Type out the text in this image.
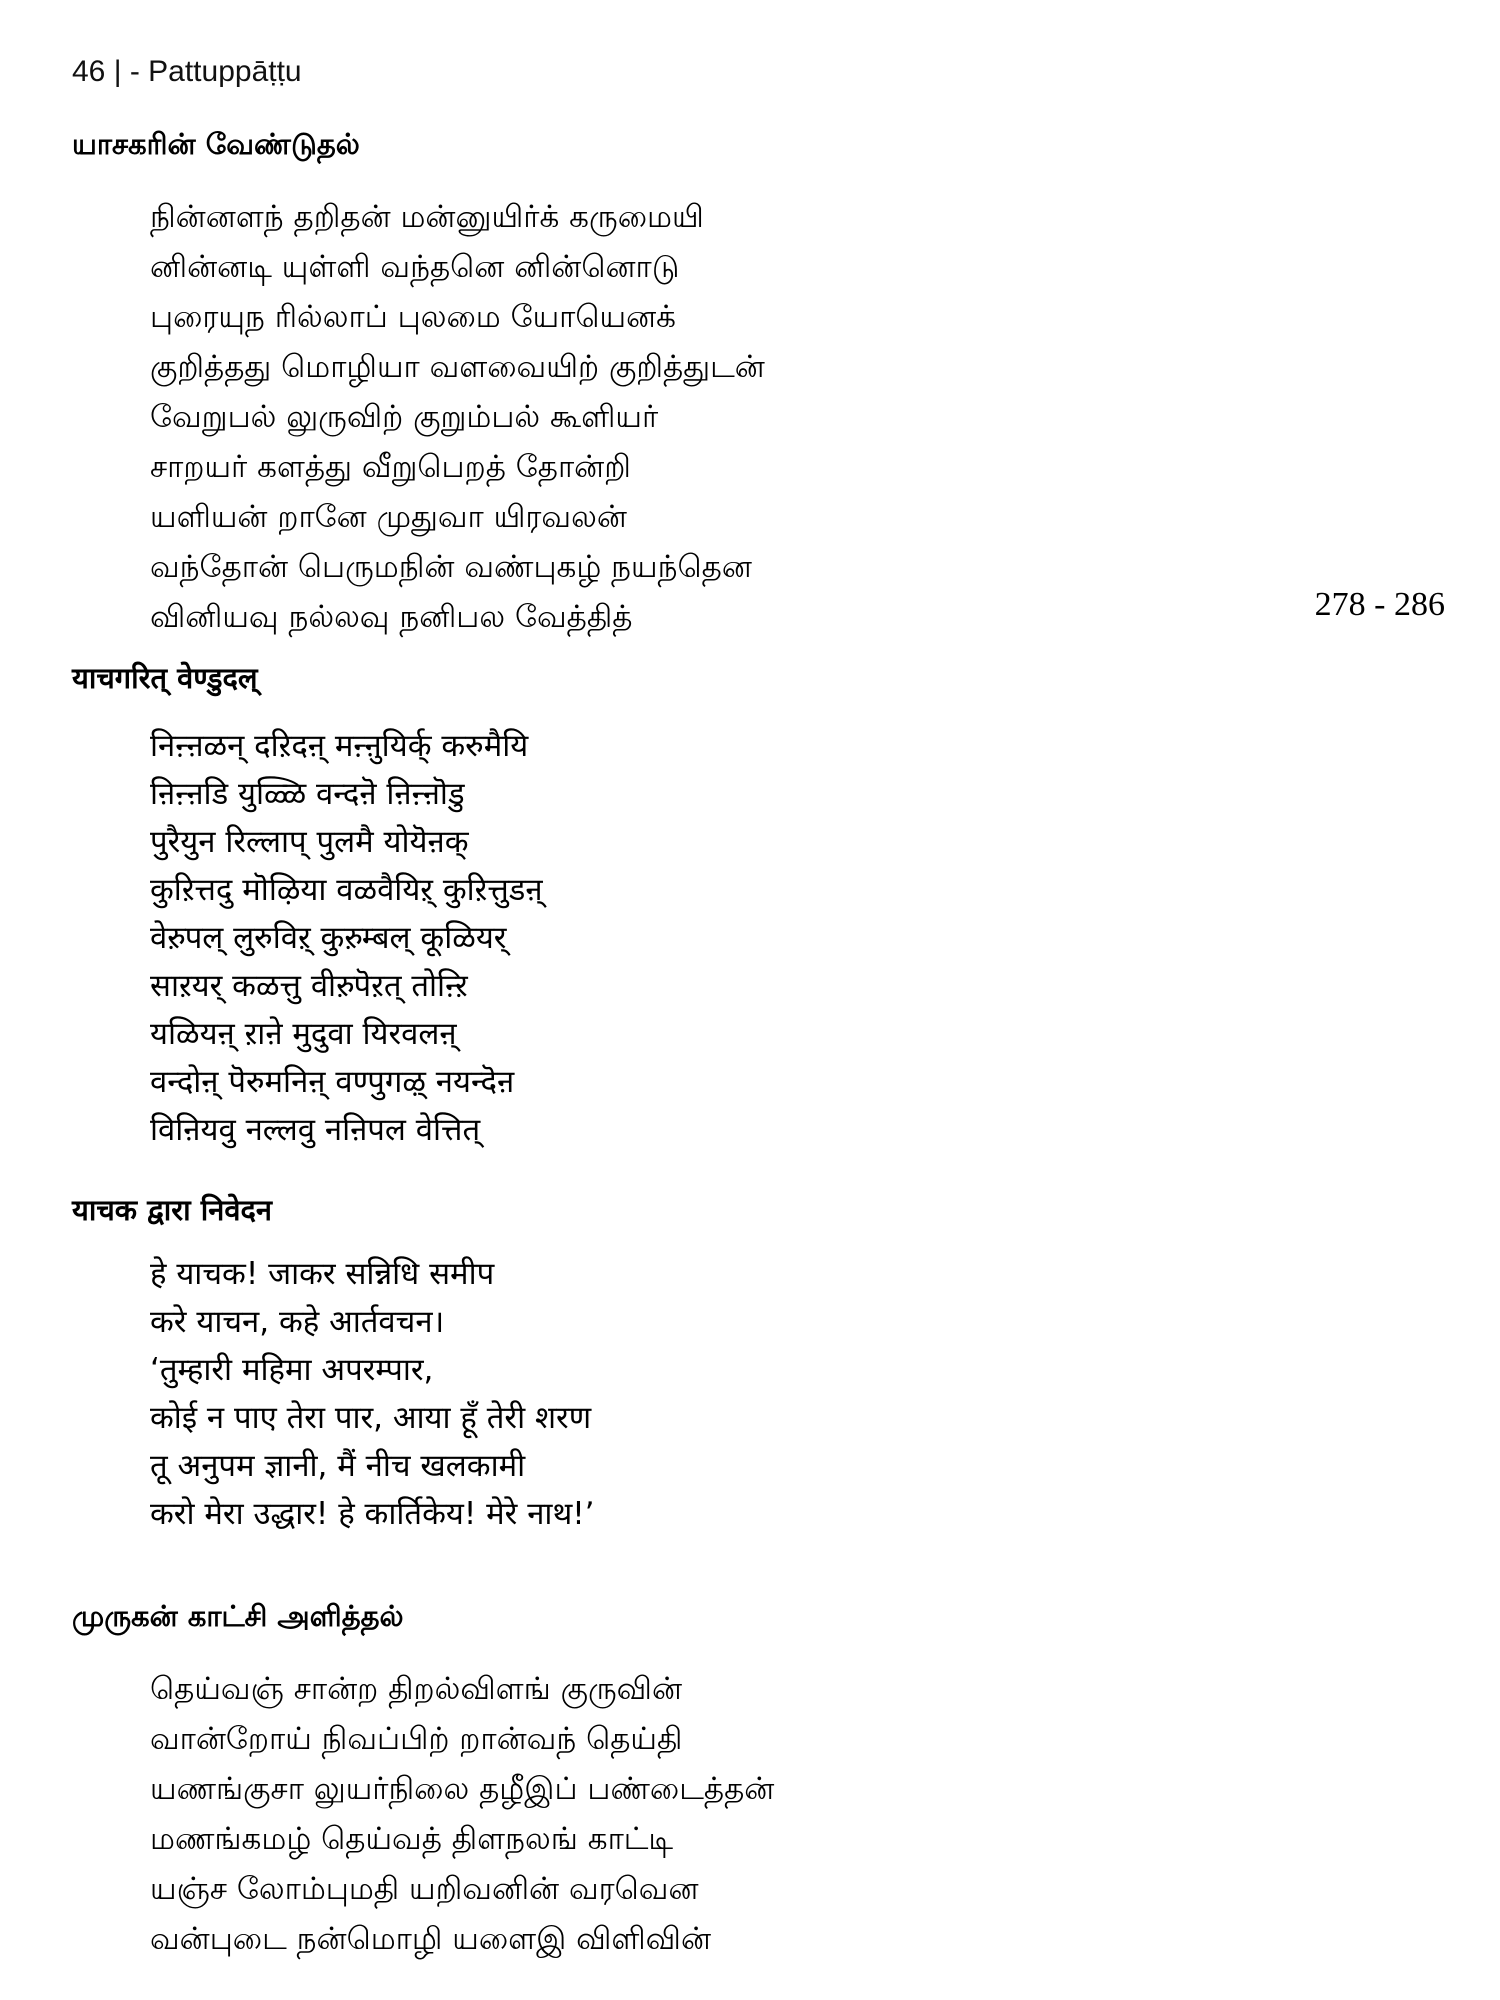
46 | - Pattuppāṭṭu
யாசகரின் வேண்டுதல்
நின்னளந் தறிதன் மன்னுயிர்க் கருமையி
னின்னடி யுள்ளி வந்தனெ னின்னொடு
புரையுந ரில்லாப் புலமை யோயெனக்
குறித்தது மொழியா வளவையிற் குறித்துடன்
வேறுபல் லுருவிற் குறும்பல் கூளியர்
சாறயர் களத்து வீறுபெறத் தோன்றி
யளியன் றானே முதுவா யிரவலன்
வந்தோன் பெருமநின் வண்புகழ் நயந்தென
வினியவு நல்லவு நனிபல வேத்தித்	278 - 286
याचगरित् वेण्डुदल्
निऩ्ऩळन् दऱिदऩ् मऩ्ऩुयिर्क् करुमैयि
ऩिऩ्ऩडि युळ्ळि वन्दऩॆ ऩिऩ्ऩॊडु
पुरैयुन रिल्लाप् पुलमै योयॆऩक्
कुऱित्तदु मॊऴिया वळवैयिऱ् कुऱित्तुडऩ्
वेऱुपल् लुरुविऱ् कुऱुम्बल् कूळियर्
साऱयर् कळत्तु वीऱुपॆऱत् तोऩ्ऱि
यळियऩ् ऱाऩे मुदुवा यिरवलऩ्
वन्दोऩ् पॆरुमनिऩ् वण्पुगऴ् नयन्दॆऩ
विऩियवु नल्लवु नऩिपल वेत्तित्
याचक द्वारा निवेदन
हे याचक! जाकर सन्निधि समीप
करे याचन, कहे आर्तवचन।
‘तुम्हारी महिमा अपरम्पार,
कोई न पाए तेरा पार, आया हूँ तेरी शरण
तू अनुपम ज्ञानी, मैं नीच खलकामी
करो मेरा उद्धार! हे कार्तिकेय! मेरे नाथ!’
முருகன் காட்சி அளித்தல்
தெய்வஞ் சான்ற திறல்விளங் குருவின்
வான்றோய் நிவப்பிற் றான்வந் தெய்தி
யணங்குசா லுயர்நிலை தழீஇப் பண்டைத்தன்
மணங்கமழ் தெய்வத் திளநலங் காட்டி
யஞ்ச லோம்புமதி யறிவனின் வரவென
வன்புடை நன்மொழி யளைஇ விளிவின்
